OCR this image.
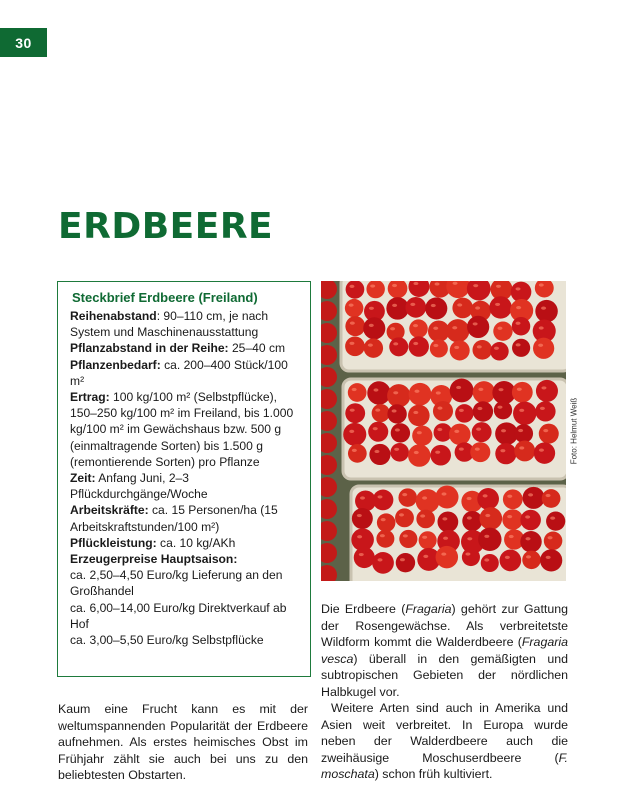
30
ERDBEERE
Steckbrief Erdbeere (Freiland)

Reihenabstand: 90–110 cm, je nach System und Maschinenausstattung

Pflanzabstand in der Reihe: 25–40 cm

Pflanzenbedarf: ca. 200–400 Stück/100 m²

Ertrag: 100 kg/100 m² (Selbstpflücke), 150–250 kg/100 m² im Freiland, bis 1.000 kg/100 m² im Gewächshaus bzw. 500 g (einmaltragende Sorten) bis 1.500 g (remontierende Sorten) pro Pflanze

Zeit: Anfang Juni, 2–3 Pflückdurchgänge/Woche

Arbeitskräfte: ca. 15 Personen/ha (15 Arbeitskraftstunden/100 m²)

Pflückleistung: ca. 10 kg/AKh

Erzeugerpreise Hauptsaison:

ca. 2,50–4,50 Euro/kg Lieferung an den Großhandel

ca. 6,00–14,00 Euro/kg Direktverkauf ab Hof

ca. 3,00–5,50 Euro/kg Selbstpflücke

Foto: Helmut Weiß

Kaum eine Frucht kann es mit der weltumspannenden Popularität der Erdbeere aufnehmen. Als erstes heimisches Obst im Frühjahr zählt sie auch bei uns zu den beliebtesten Obstarten.

Die Erdbeere (Fragaria) gehört zur Gattung der Rosengewächse. Als verbreitetste Wildform kommt die Walderdbeere (Fragaria vesca) überall in den gemäßigten und subtropischen Gebieten der nördlichen Halbkugel vor.

Weitere Arten sind auch in Amerika und Asien weit verbreitet. In Europa wurde neben der Walderdbeere auch die zweihäusige Moschuserdbeere (F. moschata) schon früh kultiviert.
